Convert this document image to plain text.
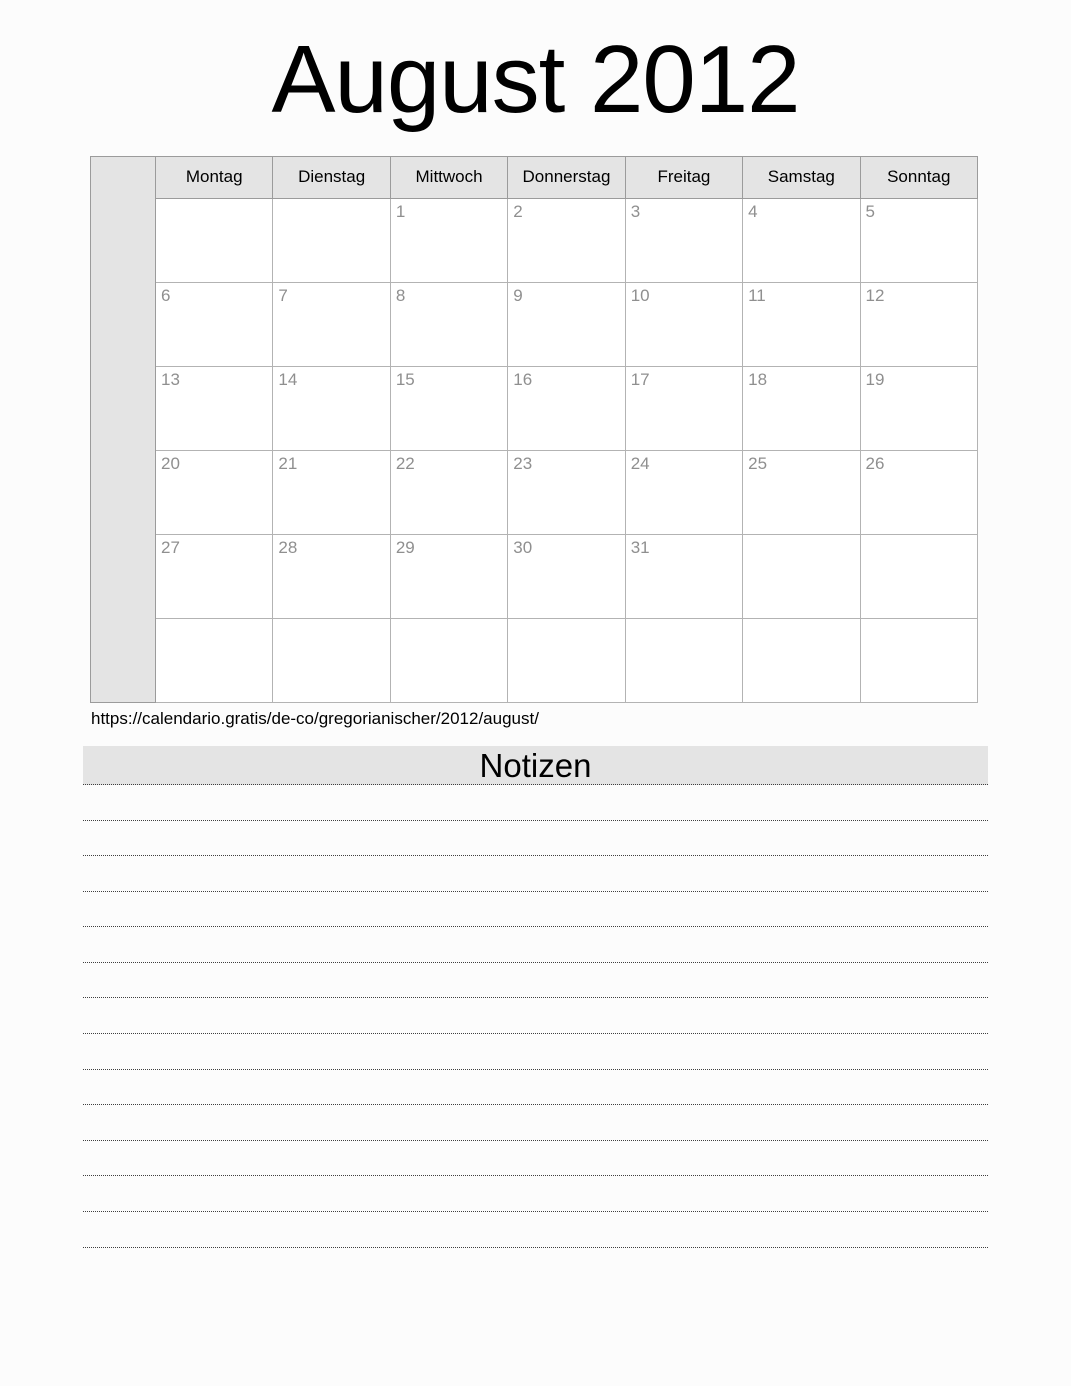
August 2012
	Montag	Dienstag	Mittwoch	Donnerstag	Freitag	Samstag	Sonntag
			1	2	3	4	5
	6	7	8	9	10	11	12
	13	14	15	16	17	18	19
	20	21	22	23	24	25	26
	27	28	29	30	31		

https://calendario.gratis/de-co/gregorianischer/2012/august/
Notizen
